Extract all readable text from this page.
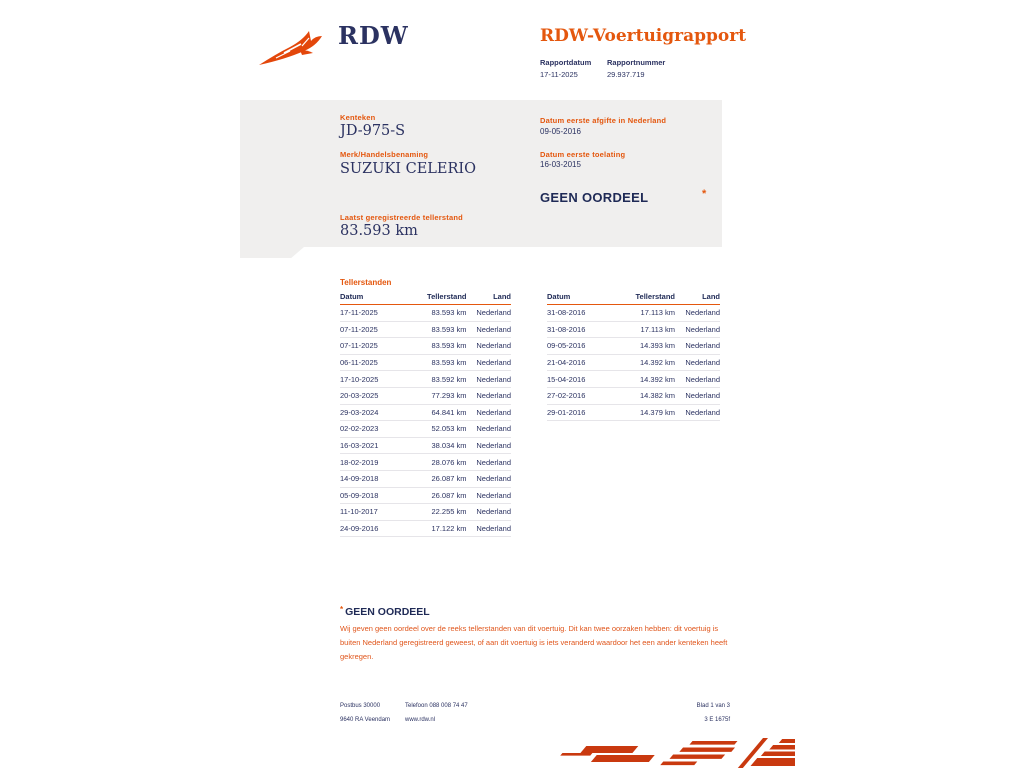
RDW	RDW-Voertuigrapport
Rapportdatum Rapportnummer
17-11-2025	29.937.719
Kenteken
JD-975-S
Merk/Handelsbenaming
SUZUKI CELERIO
Laatst geregistreerde tellerstand
83.593 km
Datum eerste afgifte in Nederland
09-05-2016
Datum eerste toelating
16-03-2015
GEEN OORDEEL	*
Tellerstanden
Datum	Tellerstand	Land
17-11-2025	83.593 km	Nederland
07-11-2025	83.593 km	Nederland
07-11-2025	83.593 km	Nederland
06-11-2025	83.593 km	Nederland
17-10-2025	83.592 km	Nederland
20-03-2025	77.293 km	Nederland
29-03-2024	64.841 km	Nederland
02-02-2023	52.053 km	Nederland
16-03-2021	38.034 km	Nederland
18-02-2019	28.076 km	Nederland
14-09-2018	26.087 km	Nederland
05-09-2018	26.087 km	Nederland
11-10-2017	22.255 km	Nederland
24-09-2016	17.122 km	Nederland
Datum	Tellerstand	Land
31-08-2016	17.113 km	Nederland
31-08-2016	17.113 km	Nederland
09-05-2016	14.393 km	Nederland
21-04-2016	14.392 km	Nederland
15-04-2016	14.392 km	Nederland
27-02-2016	14.382 km	Nederland
29-01-2016	14.379 km	Nederland
* GEEN OORDEEL
Wij geven geen oordeel over de reeks tellerstanden van dit voertuig. Dit kan twee oorzaken hebben: dit voertuig is buiten Nederland geregistreerd geweest, of aan dit voertuig is iets veranderd waardoor het een ander kenteken heeft gekregen.
Postbus 30000
9640 RA Veendam
Telefoon 088 008 74 47
www.rdw.nl
Blad 1 van 3
3 E 1675f
